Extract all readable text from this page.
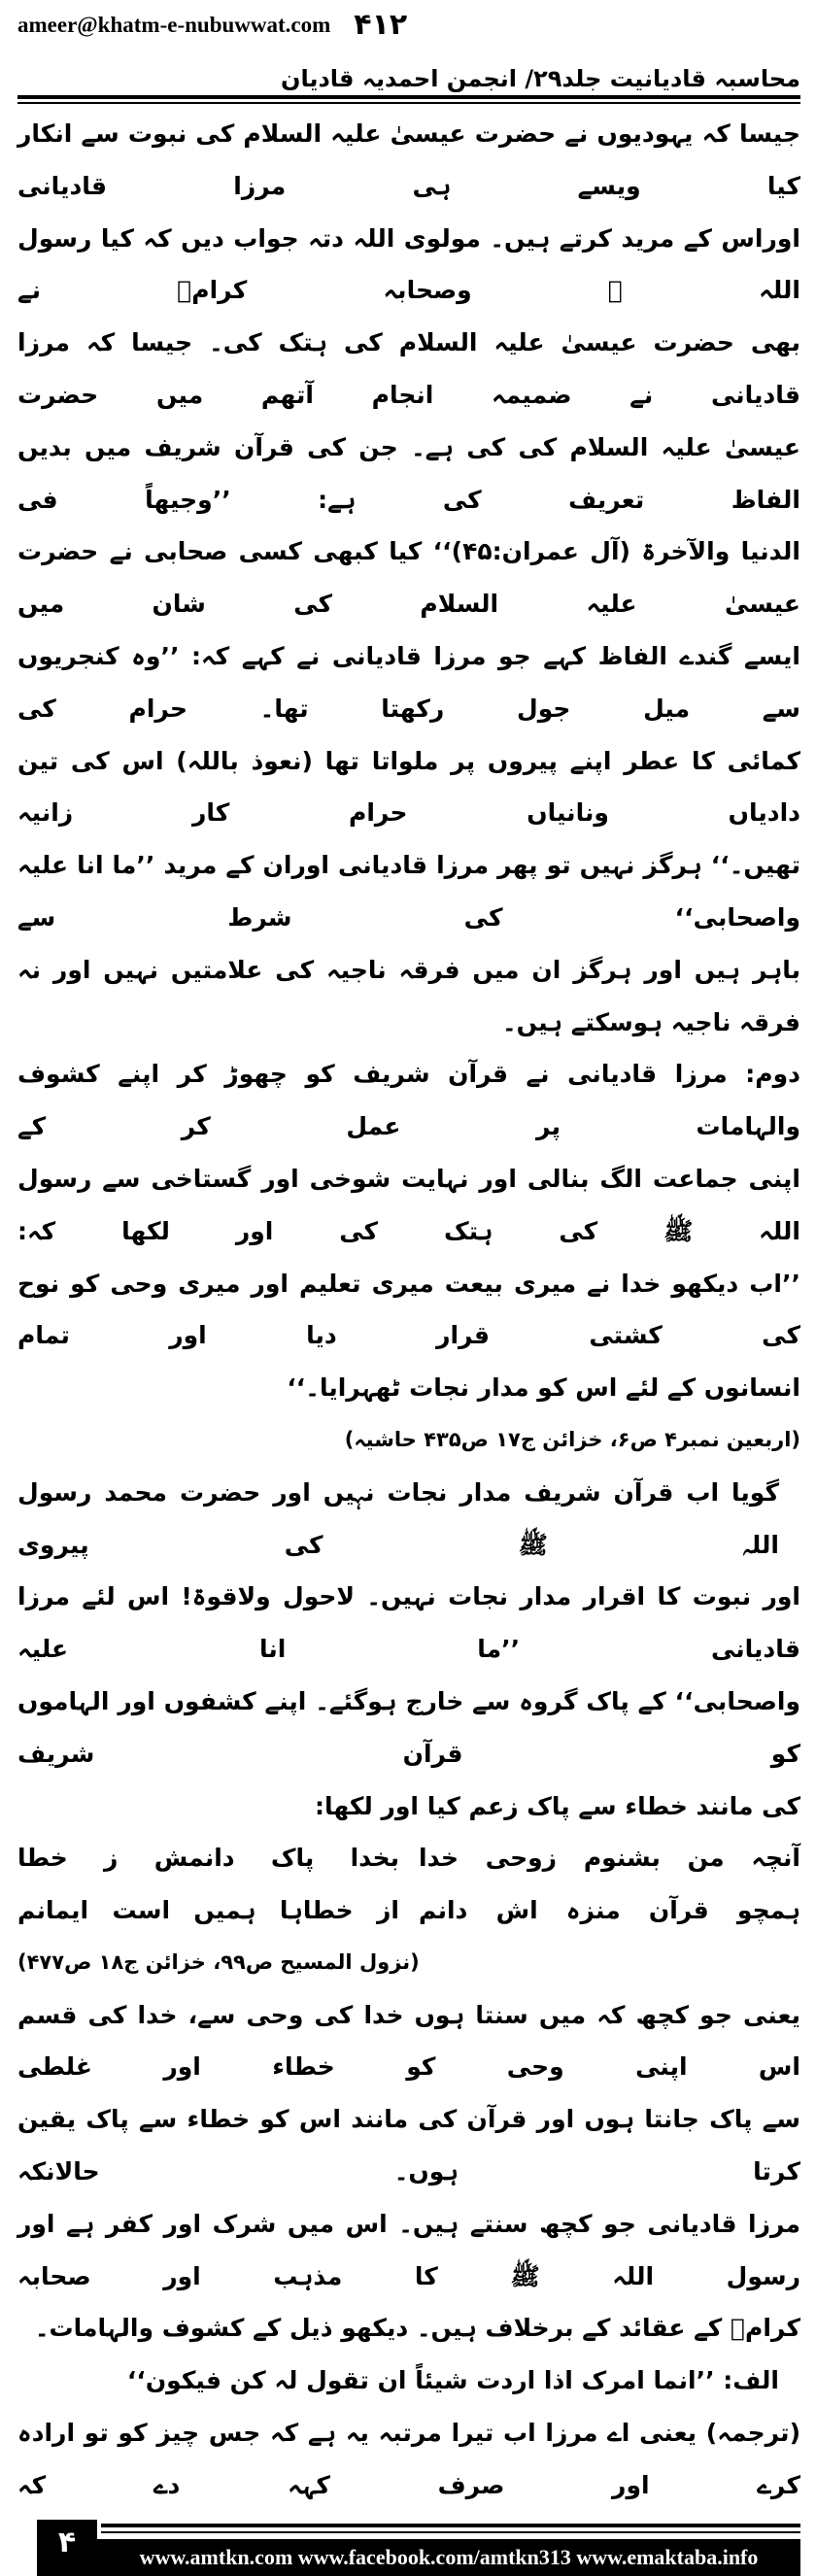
ameer@khatm-e-nubuwwat.com ۴۱۲
محاسبہ قادیانیت جلد۲۹/ انجمن احمدیہ قادیان
جیسا کہ یہودیوں نے حضرت عیسیٰ علیہ السلام کی نبوت سے انکار کیا ویسے ہی مرزا قادیانی
اوراس کے مرید کرتے ہیں۔ مولوی اللہ دتہ جواب دیں کہ کیا رسول اللہ ﷺ وصحابہ کرامؓ نے
بھی حضرت عیسیٰ علیہ السلام کی ہتک کی۔ جیسا کہ مرزا قادیانی نے ضمیمہ انجام آتھم میں حضرت
عیسیٰ علیہ السلام کی کی ہے۔ جن کی قرآن شریف میں بدیں الفاظ تعریف کی ہے: ’’وجیھاً فی
الدنیا والآخرۃ (آل عمران:۴۵)‘‘ کیا کبھی کسی صحابی نے حضرت عیسیٰ علیہ السلام کی شان میں
ایسے گندے الفاظ کہے جو مرزا قادیانی نے کہے کہ: ’’وہ کنجریوں سے میل جول رکھتا تھا۔ حرام کی
کمائی کا عطر اپنے پیروں پر ملواتا تھا (نعوذ باللہ) اس کی تین دادیاں ونانیاں حرام کار زانیہ
تھیں۔‘‘ ہرگز نہیں تو پھر مرزا قادیانی اوران کے مرید ’’ما انا علیہ واصحابی‘‘ کی شرط سے
باہر ہیں اور ہرگز ان میں فرقہ ناجیہ کی علامتیں نہیں اور نہ فرقہ ناجیہ ہوسکتے ہیں۔
دوم: مرزا قادیانی نے قرآن شریف کو چھوڑ کر اپنے کشوف والہامات پر عمل کر کے
اپنی جماعت الگ بنالی اور نہایت شوخی اور گستاخی سے رسول اللہ ﷺ کی ہتک کی اور لکھا کہ:
’’اب دیکھو خدا نے میری بیعت میری تعلیم اور میری وحی کو نوح کی کشتی قرار دیا اور تمام
انسانوں کے لئے اس کو مدار نجات ٹھہرایا۔‘‘
(اربعین نمبر۴ ص۶، خزائن ج۱۷ ص۴۳۵ حاشیہ)
گویا اب قرآن شریف مدار نجات نہیں اور حضرت محمد رسول اللہ ﷺ کی پیروی
اور نبوت کا اقرار مدار نجات نہیں۔ لاحول ولاقوۃ! اس لئے مرزا قادیانی ’’ما انا علیہ
واصحابی‘‘ کے پاک گروہ سے خارج ہوگئے۔ اپنے کشفوں اور الہاموں کو قرآن شریف
کی مانند خطاء سے پاک زعم کیا اور لکھا:
آنچہ من بشنوم زوحی خدا
بخدا پاک دانمش ز خطا
ہمچو قرآن منزہ اش دانم
از خطاہا ہمیں است ایمانم
(نزول المسیح ص۹۹، خزائن ج۱۸ ص۴۷۷)
یعنی جو کچھ کہ میں سنتا ہوں خدا کی وحی سے، خدا کی قسم اس اپنی وحی کو خطاء اور غلطی
سے پاک جانتا ہوں اور قرآن کی مانند اس کو خطاء سے پاک یقین کرتا ہوں۔ حالانکہ
مرزا قادیانی جو کچھ سنتے ہیں۔ اس میں شرک اور کفر ہے اور رسول اللہ ﷺ کا مذہب اور صحابہ
کرامؓ کے عقائد کے برخلاف ہیں۔ دیکھو ذیل کے کشوف والہامات۔
الف: ’’انما امرک اذا اردت شیئاً ان تقول لہ کن فیکون‘‘
(ترجمہ) یعنی اے مرزا اب تیرا مرتبہ یہ ہے کہ جس چیز کو تو ارادہ کرے اور صرف کہہ دے کہ
۴	www.amtkn.com www.facebook.com/amtkn313 www.emaktaba.info
